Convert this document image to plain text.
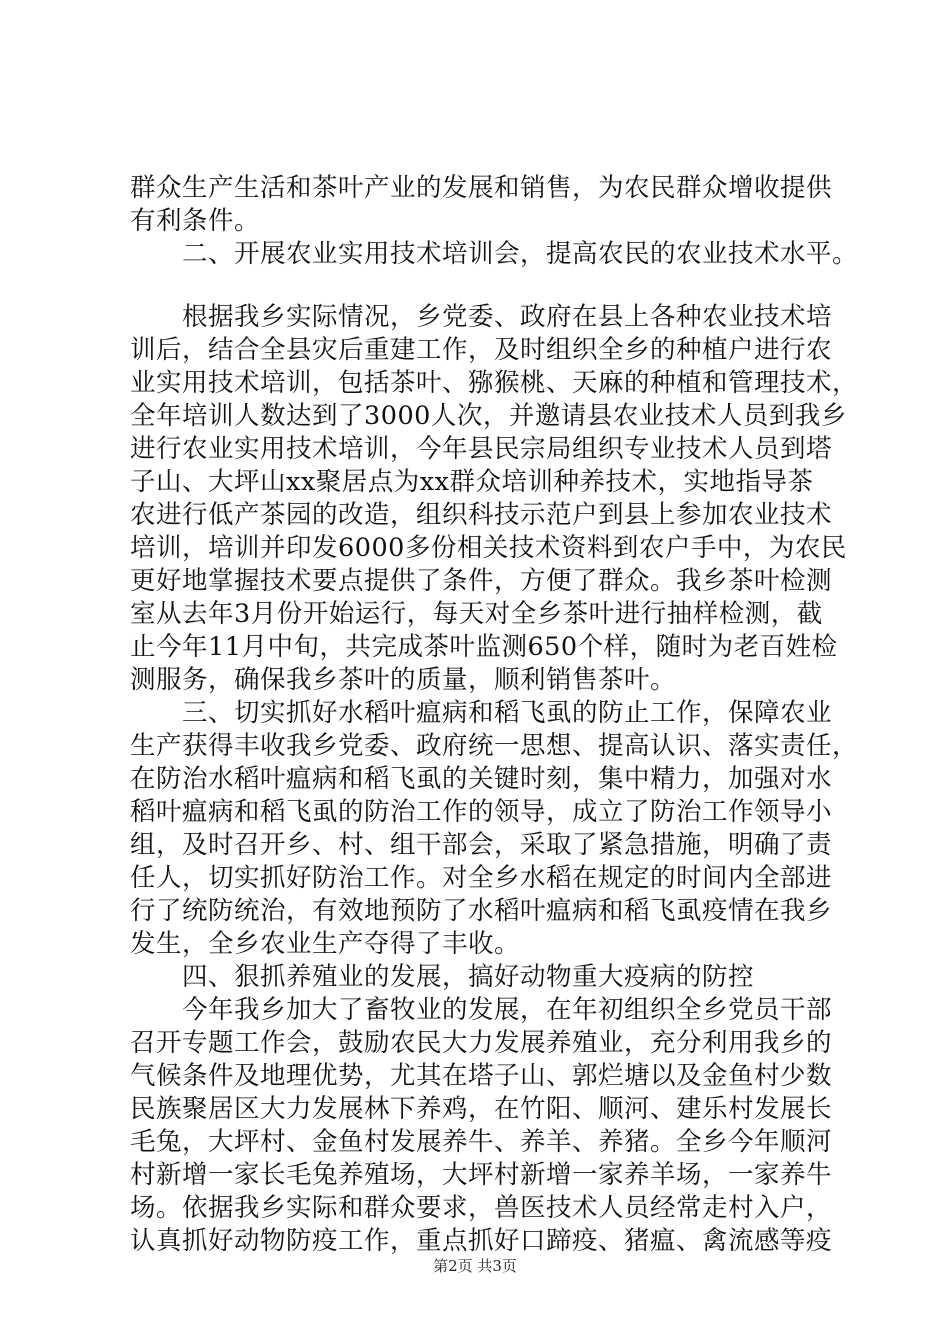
群众生产生活和茶叶产业的发展和销售，为农民群众增收提供
有利条件。
　　二、开展农业实用技术培训会，提高农民的农业技术水平。
　　根据我乡实际情况，乡党委、政府在县上各种农业技术培
训后，结合全县灾后重建工作，及时组织全乡的种植户进行农
业实用技术培训，包括茶叶、猕猴桃、天麻的种植和管理技术，
全年培训人数达到了3000人次，并邀请县农业技术人员到我乡
进行农业实用技术培训，今年县民宗局组织专业技术人员到塔
子山、大坪山xx聚居点为xx群众培训种养技术，实地指导茶
农进行低产茶园的改造，组织科技示范户到县上参加农业技术
培训，培训并印发6000多份相关技术资料到农户手中，为农民
更好地掌握技术要点提供了条件，方便了群众。我乡茶叶检测
室从去年3月份开始运行，每天对全乡茶叶进行抽样检测，截
止今年11月中旬，共完成茶叶监测650个样，随时为老百姓检
测服务，确保我乡茶叶的质量，顺利销售茶叶。
　　三、切实抓好水稻叶瘟病和稻飞虱的防止工作，保障农业
生产获得丰收我乡党委、政府统一思想、提高认识、落实责任，
在防治水稻叶瘟病和稻飞虱的关键时刻，集中精力，加强对水
稻叶瘟病和稻飞虱的防治工作的领导，成立了防治工作领导小
组，及时召开乡、村、组干部会，采取了紧急措施，明确了责
任人，切实抓好防治工作。对全乡水稻在规定的时间内全部进
行了统防统治，有效地预防了水稻叶瘟病和稻飞虱疫情在我乡
发生，全乡农业生产夺得了丰收。
　　四、狠抓养殖业的发展，搞好动物重大疫病的防控
　　今年我乡加大了畜牧业的发展，在年初组织全乡党员干部
召开专题工作会，鼓励农民大力发展养殖业，充分利用我乡的
气候条件及地理优势，尤其在塔子山、郭烂塘以及金鱼村少数
民族聚居区大力发展林下养鸡，在竹阳、顺河、建乐村发展长
毛兔，大坪村、金鱼村发展养牛、养羊、养猪。全乡今年顺河
村新增一家长毛兔养殖场，大坪村新增一家养羊场，一家养牛
场。依据我乡实际和群众要求，兽医技术人员经常走村入户，
认真抓好动物防疫工作，重点抓好口蹄疫、猪瘟、禽流感等疫
第2页 共3页
